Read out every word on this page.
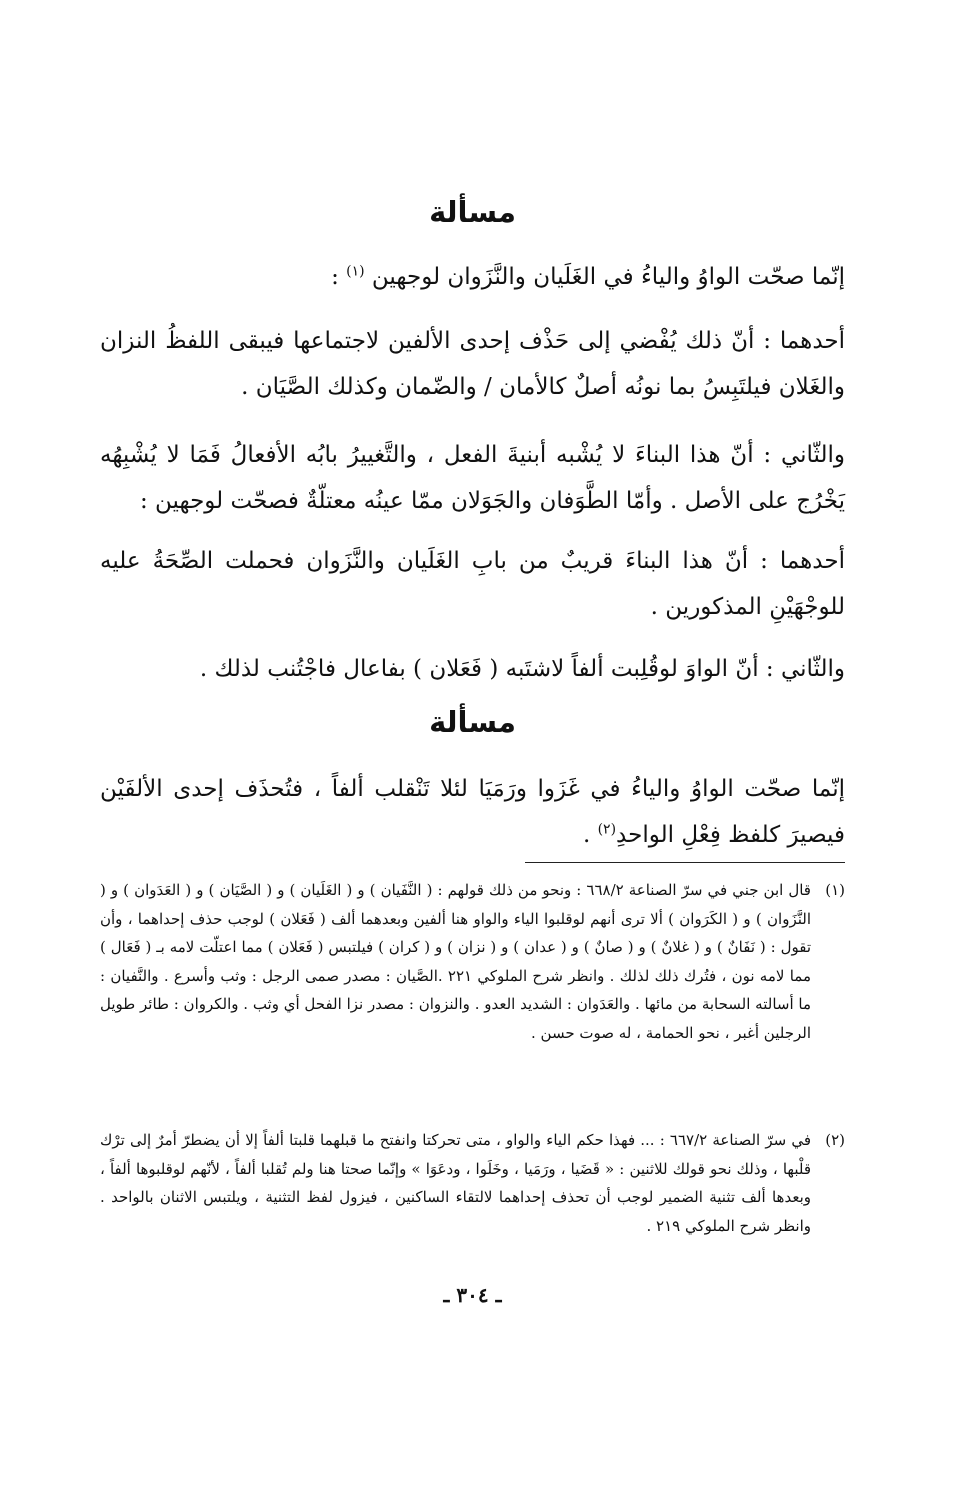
مسألة
إنّما صحّت الواوُ والياءُ في الغَلَيان والنَّزَوان لوجهين $^{(١)}$ :
أحدهما : أنّ ذلك يُفْضي إلى حَذْف إحدى الألفين لاجتماعها فيبقى اللفظُ النزان والغَلان فيلتَبِسُ بما نونُه أصلٌ كالأمان / والضّمان وكذلك الصَّيَان .
والثّاني : أنّ هذا البناءَ لا يُشْبه أبنيةَ الفعل ، والتَّغييرُ بابُه الأفعالُ فَمَا لا يُشْبِهُه يَخْرُج على الأصل . وأمّا الطَّوَفان والجَوَلان ممّا عينُه معتلّةٌ فصحّت لوجهين :
أحدهما : أنّ هذا البناءَ قريبٌ من بابِ الغَلَيان والنَّزَوان فحملت الصِّحَةُ عليه للوجْهَيْنِ المذكورين .
والثّاني : أنّ الواوَ لوقُلِبت ألفاً لاشتَبه ( فَعَلان ) بفاعال فاجْتُنب لذلك .
مسألة
إنّما صحّت الواوُ والياءُ في غَزَوا ورَمَيَا لئلا تَنْقلب ألفاً ، فتُحذَف إحدى الألفَيْن فيصيرَ كلفظ فِعْلِ الواحدِ$^{(٢)}$ .
(١)
قال ابن جني في سرّ الصناعة ٦٦٨/٢ : ونحو من ذلك قولهم : ( النَّفَيان ) و ( الغَلَيان ) و ( الصَّيَان ) و ( العَدَوان ) و ( النَّزَوان ) و ( الكَرَوان ) ألا ترى أنهم لوقلبوا الياء والواو هنا ألفين وبعدهما ألف ( فَعَلان ) لوجب حذف إحداهما ، وأن تقول : ( نَفَانٌ ) و ( غلانٌ ) و ( صانٌ ) و ( عدان ) و ( نزان ) و ( كران ) فيلتبس ( فَعَلان ) مما اعتلّت لامه بـ ( فَعَال ) مما لامه نون ، فتُرك ذلك لذلك . وانظر شرح الملوكي ٢٢١ .الصَّيان : مصدر صمى الرجل : وثب وأسرع . والنَّفيان : ما أسالته السحابة من مائها . والعَدَوان : الشديد العدو . والنزوان : مصدر نزا الفحل أي وثب . والكروان : طائر طويل الرجلين أغبر ، نحو الحمامة ، له صوت حسن .
(٢)
في سرّ الصناعة ٦٦٧/٢ : ... فهذا حكم الياء والواو ، متى تحركتا وانفتح ما قبلهما قلبتا ألفاً إلا أن يضطرّ أمرٌ إلى ترْك قلْبها ، وذلك نحو قولك للاثنين : « قَضَيا ، ورَمَيا ، وخَلَوا ، ودعَوَا » وإنّما صحتا هنا ولم تُقلبا ألفاً ، لأنّهم لوقلبوها ألفاً ، وبعدها ألف تثنية الضمير لوجب أن تحذف إحداهما لالتقاء الساكنين ، فيزول لفظ التثنية ، ويلتبس الاثنان بالواحد . وانظر شرح الملوكي ٢١٩ .
ـ ٣٠٤ ـ
